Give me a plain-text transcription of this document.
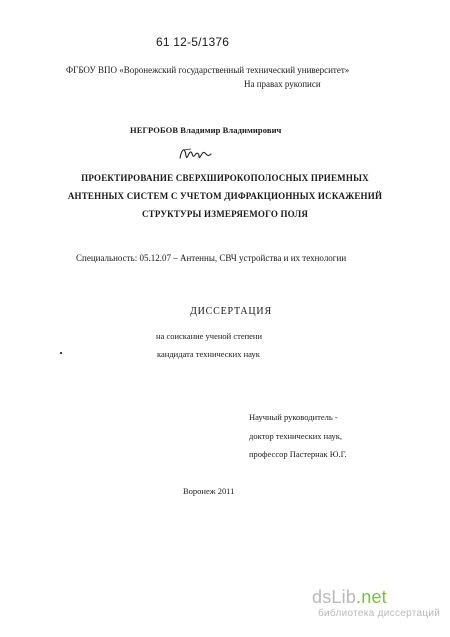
61 12-5/1376
ФГБОУ ВПО «Воронежский государственный технический университет»
На правах рукописи
НЕГРОБОВ Владимир Владимирович
ПРОЕКТИРОВАНИЕ СВЕРХШИРОКОПОЛОСНЫХ ПРИЕМНЫХ
АНТЕННЫХ СИСТЕМ С УЧЕТОМ ДИФРАКЦИОННЫХ ИСКАЖЕНИЙ
СТРУКТУРЫ ИЗМЕРЯЕМОГО ПОЛЯ
Специальность: 05.12.07 – Антенны, СВЧ устройства и их технологии
ДИССЕРТАЦИЯ
на соискание ученой степени
кандидата технических наук
Научный руководитель -
доктор технических наук,
профессор Пастернак Ю.Г.
Воронеж 2011
dsLib.net
библиотека диссертаций
